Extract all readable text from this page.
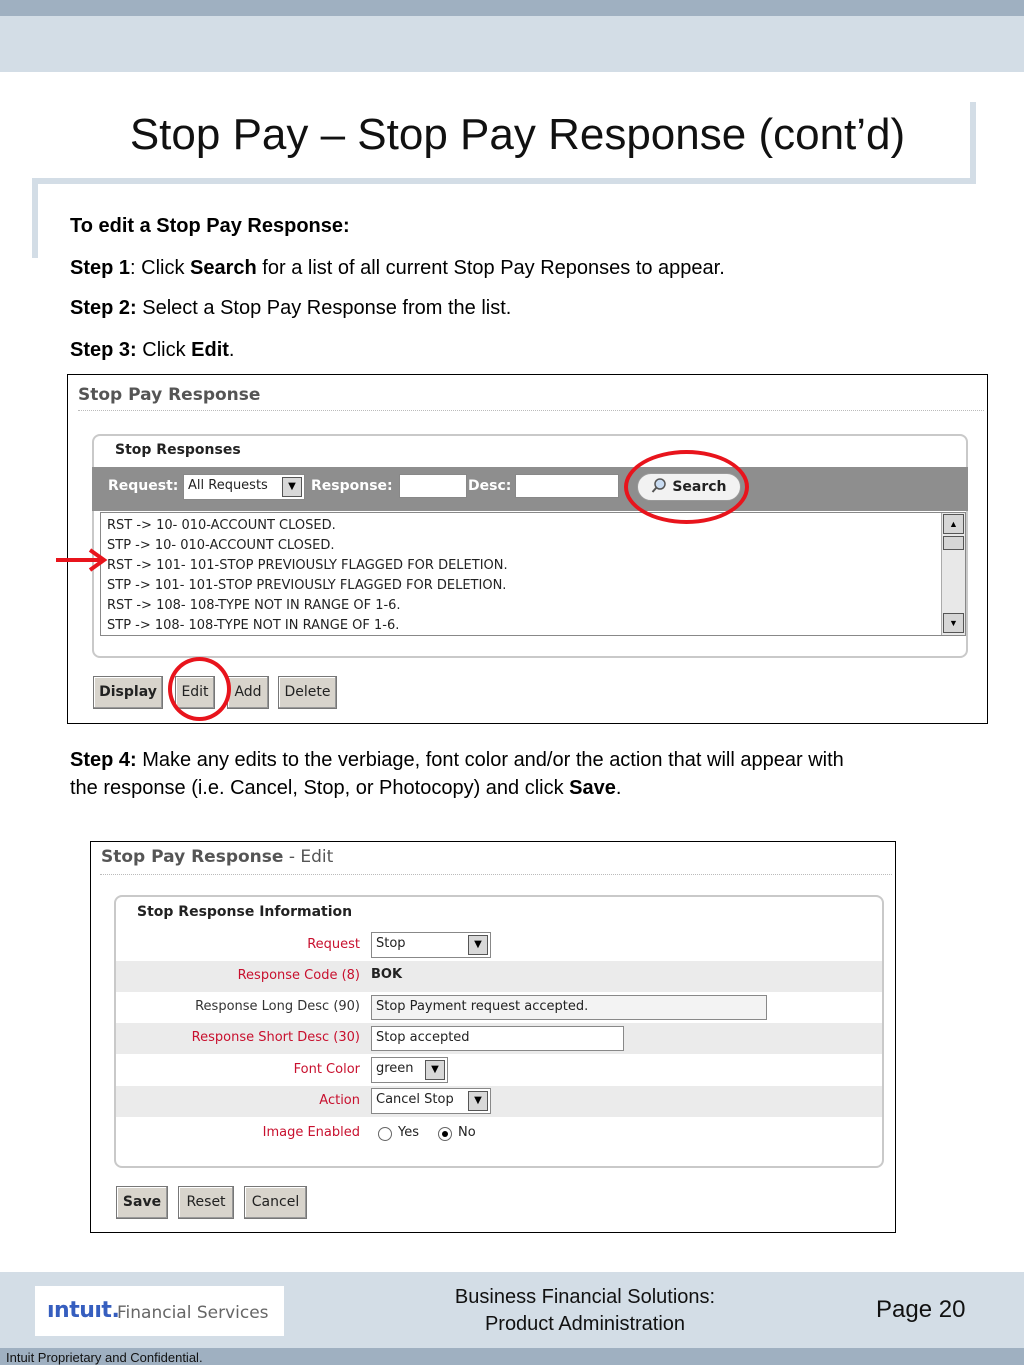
Stop Pay – Stop Pay Response (cont’d)
To edit a Stop Pay Response:
Step 1: Click Search for a list of all current Stop Pay Reponses to appear.
Step 2: Select a Stop Pay Response from the list.
Step 3: Click Edit.
Stop Pay Response
Stop Responses
Request: All Requests	▼	Response:	Desc:	Search
RST -> 10- 010-ACCOUNT CLOSED.
STP -> 10- 010-ACCOUNT CLOSED.
RST -> 101- 101-STOP PREVIOUSLY FLAGGED FOR DELETION.
STP -> 101- 101-STOP PREVIOUSLY FLAGGED FOR DELETION.
RST -> 108- 108-TYPE NOT IN RANGE OF 1-6.
STP -> 108- 108-TYPE NOT IN RANGE OF 1-6.
▲
▼
Display	Edit	Add	Delete
Step 4: Make any edits to the verbiage, font color and/or the action that will appear with
the response (i.e. Cancel, Stop, or Photocopy) and click Save.
Stop Pay Response - Edit
Stop Response Information
Request	Stop	▼
Response Code (8) BOK
Response Long Desc (90)	Stop Payment request accepted.
Response Short Desc (30)	Stop accepted
Font Color	green	▼
Action	Cancel Stop	▼
Image Enabled	Yes	No
Save	Reset	Cancel
ıntuıt.
Financial Services
Business Financial Solutions:
Product Administration
Page 20
Intuit Proprietary and Confidential.
